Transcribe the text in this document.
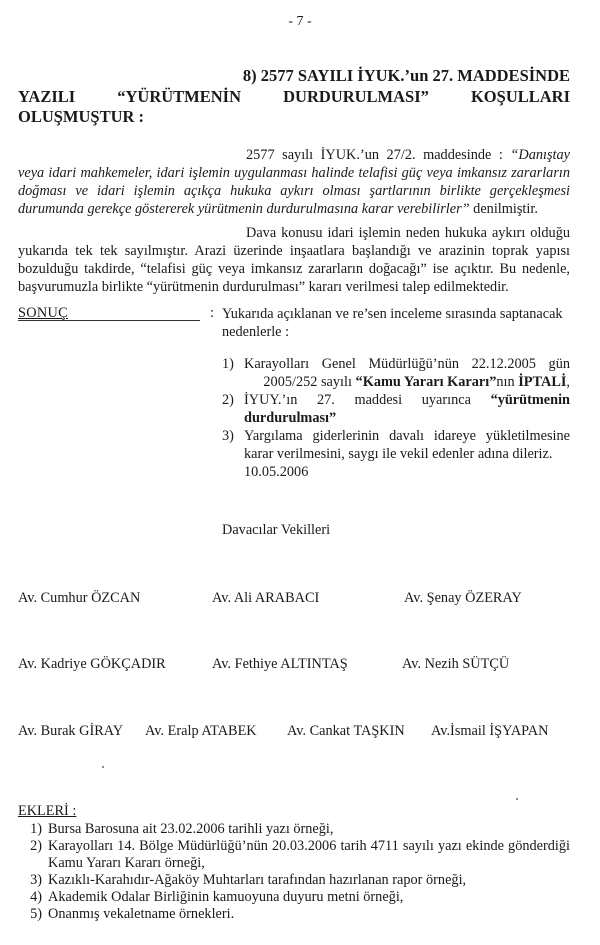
- 7 -
8) 2577 SAYILI İYUK.’un 27. MADDESİNDE
YAZILI	“YÜRÜTMENİN	DURDURULMASI”	KOŞULLARI
OLUŞMUŞTUR :

2577 sayılı İYUK.’un 27/2. maddesinde : “Danıştay veya idari mahkemeler, idari işlemin uygulanması halinde telafisi güç veya imkansız zararların doğması ve idari işlemin açıkça hukuka aykırı olması şartlarının birlikte gerçekleşmesi durumunda gerekçe göstererek yürütmenin durdurulmasına karar verebilirler” denilmiştir.

Dava konusu idari işlemin neden hukuka aykırı olduğu yukarıda tek tek sayılmıştır. Arazi üzerinde inşaatlara başlandığı ve arazinin toprak yapısı bozulduğu takdirde, “telafisi güç veya imkansız zararların doğacağı” ise açıktır. Bu nedenle, başvurumuzla birlikte “yürütmenin durdurulması” kararı verilmesi talep edilmektedir.

SONUÇ	: Yukarıda açıklanan ve re’sen inceleme sırasında saptanacak nedenlerle :
1) Karayolları Genel Müdürlüğü’nün 22.12.2005 gün 2005/252 sayılı “Kamu Yararı Kararı”nın İPTALİ,
2) İYUY.’ın 27. maddesi uyarınca “yürütmenin durdurulması”
3) Yargılama giderlerinin davalı idareye yükletilmesine karar verilmesini, saygı ile vekil edenler adına dileriz.
10.05.2006
Davacılar Vekilleri
Av. Cumhur ÖZCAN	Av. Ali ARABACI	Av. Şenay ÖZERAY
Av. Kadriye GÖKÇADIR	Av. Fethiye ALTINTAŞ	Av. Nezih SÜTÇÜ
Av. Burak GİRAY Av. Eralp ATABEK Av. Cankat TAŞKIN Av.İsmail İŞYAPAN
EKLERİ :
1) Bursa Barosuna ait 23.02.2006 tarihli yazı örneği,
2) Karayolları 14. Bölge Müdürlüğü’nün 20.03.2006 tarih 4711 sayılı yazı ekinde gönderdiği Kamu Yararı Kararı örneği,
3) Kazıklı-Karahıdır-Ağaköy Muhtarları tarafından hazırlanan rapor örneği,
4) Akademik Odalar Birliğinin kamuoyuna duyuru metni örneği,
5) Onanmış vekaletname örnekleri.
